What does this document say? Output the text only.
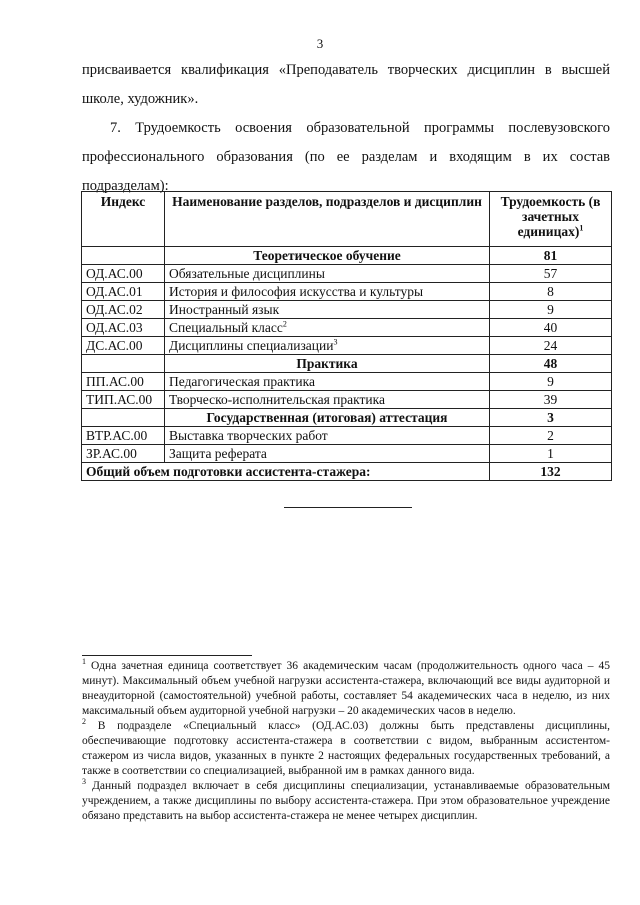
3

присваивается квалификация «Преподаватель творческих дисциплин в высшей школе, художник».

7. Трудоемкость освоения образовательной программы послевузовского профессионального образования (по ее разделам и входящим в их состав подразделам):

Индекс	Наименование разделов, подразделов и дисциплин	Трудоемкость (в зачетных единицах)$^1$
	Теоретическое обучение	81
ОД.АС.00	Обязательные дисциплины	57
ОД.АС.01	История и философия искусства и культуры	8
ОД.АС.02	Иностранный язык	9
ОД.АС.03	Специальный класс$^2$	40
ДС.АС.00	Дисциплины специализации$^3$	24
	Практика	48
ПП.АС.00	Педагогическая практика	9
ТИП.АС.00	Творческо-исполнительская практика	39
	Государственная (итоговая) аттестация	3
ВТР.АС.00	Выставка творческих работ	2
ЗР.АС.00	Защита реферата	1
Общий объем подготовки ассистента-стажера:		132

$^1$ Одна зачетная единица соответствует 36 академическим часам (продолжительность одного часа – 45 минут). Максимальный объем учебной нагрузки ассистента-стажера, включающий все виды аудиторной и внеаудиторной (самостоятельной) учебной работы, составляет 54 академических часа в неделю, из них максимальный объем аудиторной учебной нагрузки – 20 академических часов в неделю.

$^2$ В подразделе «Специальный класс» (ОД.АС.03) должны быть представлены дисциплины, обеспечивающие подготовку ассистента-стажера в соответствии с видом, выбранным ассистентом-стажером из числа видов, указанных в пункте 2 настоящих федеральных государственных требований, а также в соответствии со специализацией, выбранной им в рамках данного вида.

$^3$ Данный подраздел включает в себя дисциплины специализации, устанавливаемые образовательным учреждением, а также дисциплины по выбору ассистента-стажера. При этом образовательное учреждение обязано представить на выбор ассистента-стажера не менее четырех дисциплин.
